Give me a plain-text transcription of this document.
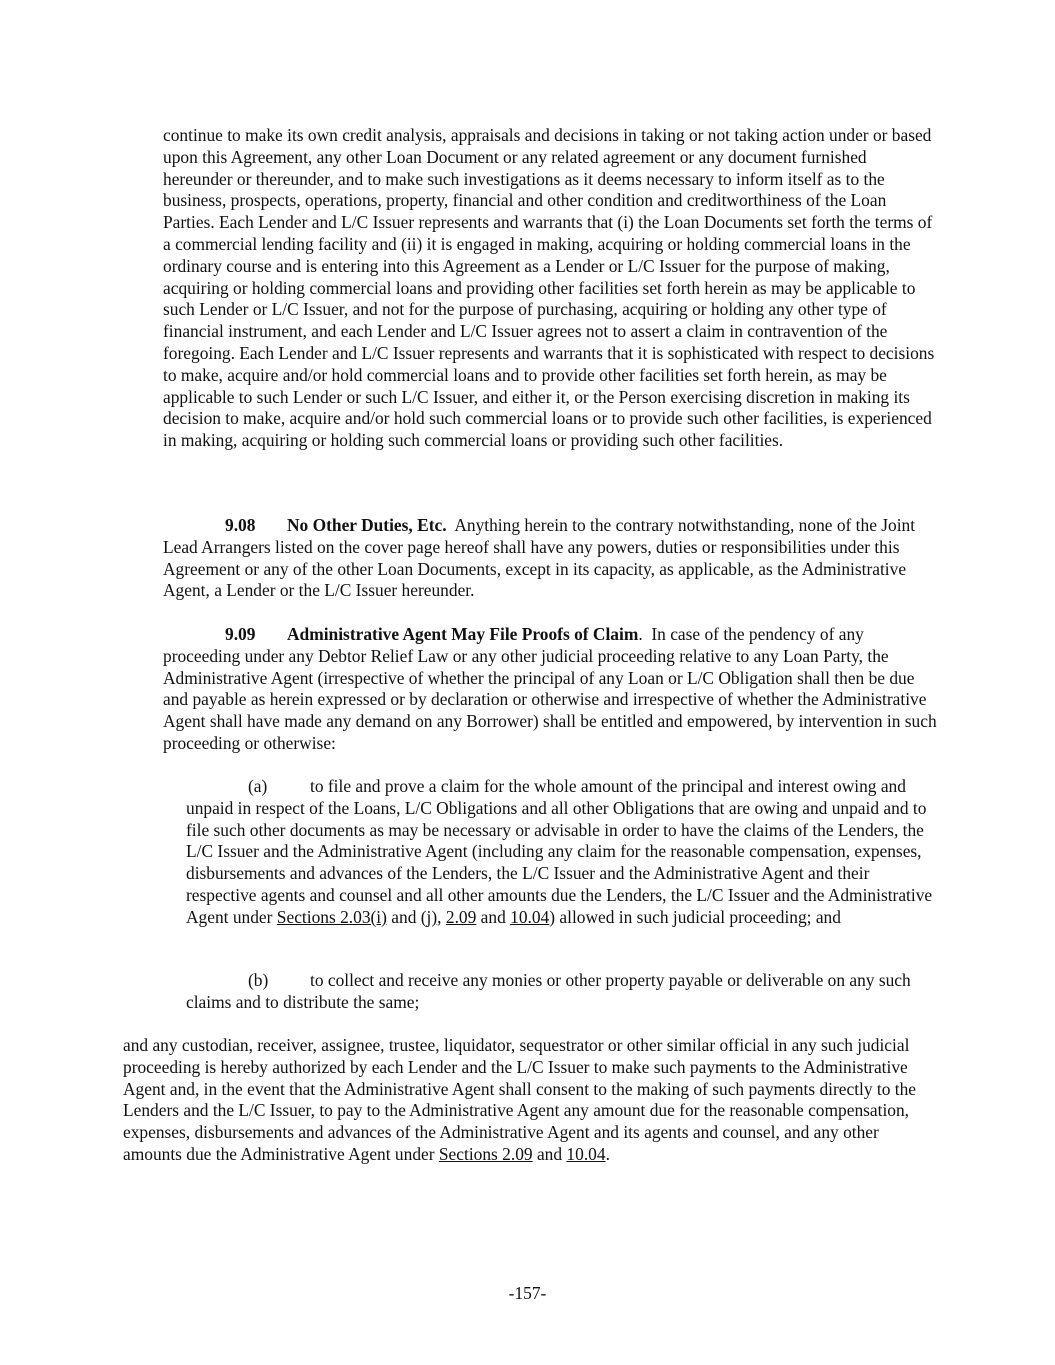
continue to make its own credit analysis, appraisals and decisions in taking or not taking action under or based upon this Agreement, any other Loan Document or any related agreement or any document furnished hereunder or thereunder, and to make such investigations as it deems necessary to inform itself as to the business, prospects, operations, property, financial and other condition and creditworthiness of the Loan Parties. Each Lender and L/C Issuer represents and warrants that (i) the Loan Documents set forth the terms of a commercial lending facility and (ii) it is engaged in making, acquiring or holding commercial loans in the ordinary course and is entering into this Agreement as a Lender or L/C Issuer for the purpose of making, acquiring or holding commercial loans and providing other facilities set forth herein as may be applicable to such Lender or L/C Issuer, and not for the purpose of purchasing, acquiring or holding any other type of financial instrument, and each Lender and L/C Issuer agrees not to assert a claim in contravention of the foregoing. Each Lender and L/C Issuer represents and warrants that it is sophisticated with respect to decisions to make, acquire and/or hold commercial loans and to provide other facilities set forth herein, as may be applicable to such Lender or such L/C Issuer, and either it, or the Person exercising discretion in making its decision to make, acquire and/or hold such commercial loans or to provide such other facilities, is experienced in making, acquiring or holding such commercial loans or providing such other facilities.

9.08 No Other Duties, Etc. Anything herein to the contrary notwithstanding, none of the Joint Lead Arrangers listed on the cover page hereof shall have any powers, duties or responsibilities under this Agreement or any of the other Loan Documents, except in its capacity, as applicable, as the Administrative Agent, a Lender or the L/C Issuer hereunder.

9.09 Administrative Agent May File Proofs of Claim. In case of the pendency of any proceeding under any Debtor Relief Law or any other judicial proceeding relative to any Loan Party, the Administrative Agent (irrespective of whether the principal of any Loan or L/C Obligation shall then be due and payable as herein expressed or by declaration or otherwise and irrespective of whether the Administrative Agent shall have made any demand on any Borrower) shall be entitled and empowered, by intervention in such proceeding or otherwise:

(a) to file and prove a claim for the whole amount of the principal and interest owing and unpaid in respect of the Loans, L/C Obligations and all other Obligations that are owing and unpaid and to file such other documents as may be necessary or advisable in order to have the claims of the Lenders, the L/C Issuer and the Administrative Agent (including any claim for the reasonable compensation, expenses, disbursements and advances of the Lenders, the L/C Issuer and the Administrative Agent and their respective agents and counsel and all other amounts due the Lenders, the L/C Issuer and the Administrative Agent under Sections 2.03(i) and (j), 2.09 and 10.04) allowed in such judicial proceeding; and

(b) to collect and receive any monies or other property payable or deliverable on any such claims and to distribute the same;

and any custodian, receiver, assignee, trustee, liquidator, sequestrator or other similar official in any such judicial proceeding is hereby authorized by each Lender and the L/C Issuer to make such payments to the Administrative Agent and, in the event that the Administrative Agent shall consent to the making of such payments directly to the Lenders and the L/C Issuer, to pay to the Administrative Agent any amount due for the reasonable compensation, expenses, disbursements and advances of the Administrative Agent and its agents and counsel, and any other amounts due the Administrative Agent under Sections 2.09 and 10.04.

-157-
